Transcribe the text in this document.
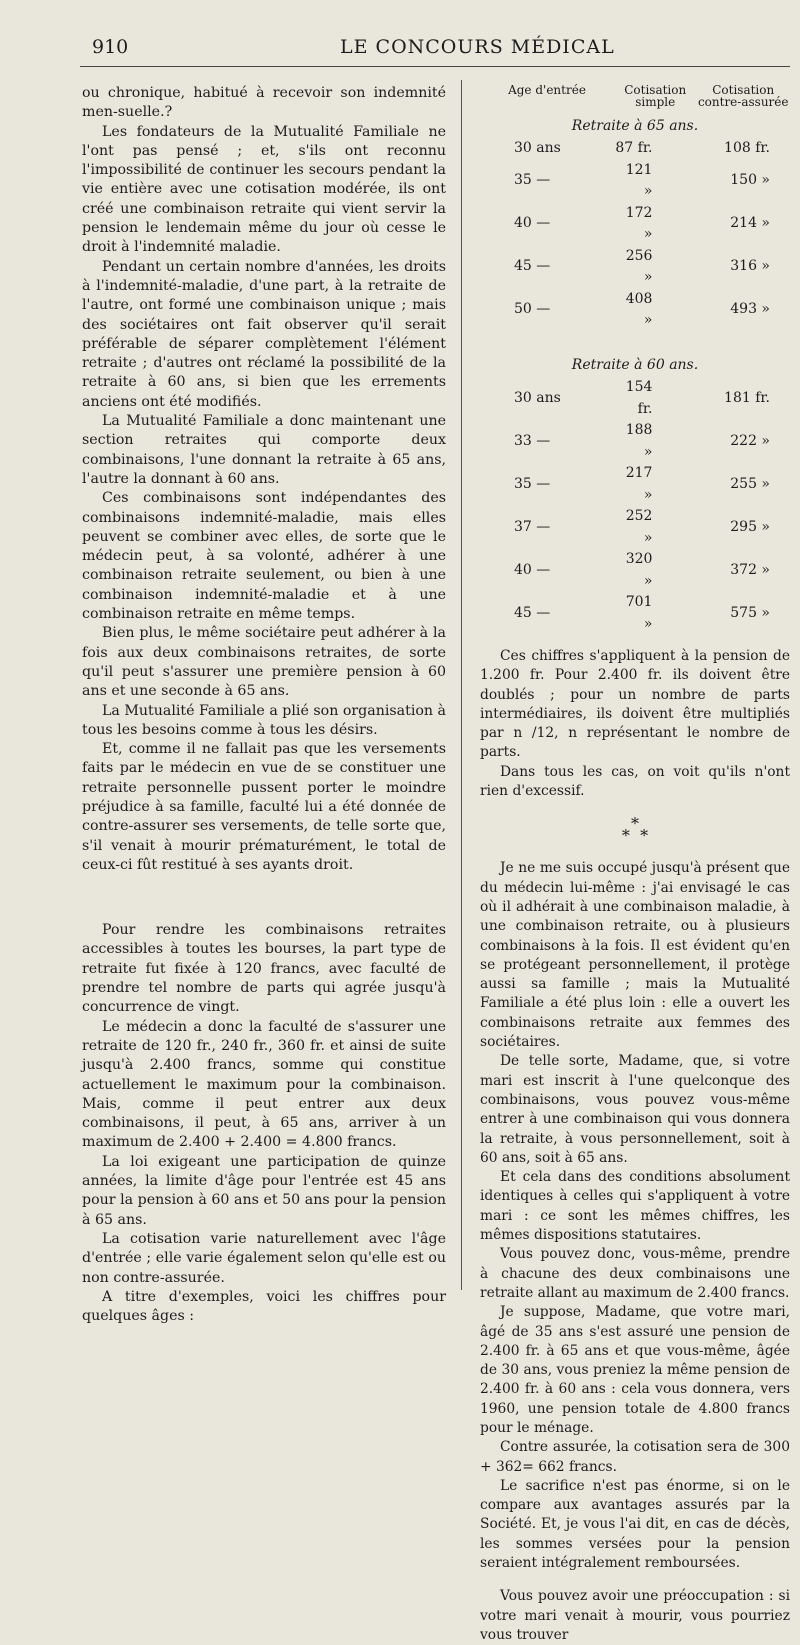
910	LE CONCOURS MÉDICAL

ou chronique, habitué à recevoir son indemnité men-suelle.?

Les fondateurs de la Mutualité Familiale ne l'ont pas pensé ; et, s'ils ont reconnu l'impossibilité de continuer les secours pendant la vie entière avec une cotisation modérée, ils ont créé une combinaison retraite qui vient servir la pension le lendemain même du jour où cesse le droit à l'indemnité maladie.

Pendant un certain nombre d'années, les droits à l'indemnité-maladie, d'une part, à la retraite de l'autre, ont formé une combinaison unique ; mais des sociétaires ont fait observer qu'il serait préférable de séparer complètement l'élément retraite ; d'autres ont réclamé la possibilité de la retraite à 60 ans, si bien que les errements anciens ont été modifiés.

La Mutualité Familiale a donc maintenant une section retraites qui comporte deux combinaisons, l'une donnant la retraite à 65 ans, l'autre la donnant à 60 ans.

Ces combinaisons sont indépendantes des combinaisons indemnité-maladie, mais elles peuvent se combiner avec elles, de sorte que le médecin peut, à sa volonté, adhérer à une combinaison retraite seulement, ou bien à une combinaison indemnité-maladie et à une combinaison retraite en même temps.

Bien plus, le même sociétaire peut adhérer à la fois aux deux combinaisons retraites, de sorte qu'il peut s'assurer une première pension à 60 ans et une seconde à 65 ans.

La Mutualité Familiale a plié son organisation à tous les besoins comme à tous les désirs.

Et, comme il ne fallait pas que les versements faits par le médecin en vue de se constituer une retraite personnelle pussent porter le moindre préjudice à sa famille, faculté lui a été donnée de contre-assurer ses versements, de telle sorte que, s'il venait à mourir prématurément, le total de ceux-ci fût restitué à ses ayants droit.

Pour rendre les combinaisons retraites accessibles à toutes les bourses, la part type de retraite fut fixée à 120 francs, avec faculté de prendre tel nombre de parts qui agrée jusqu'à concurrence de vingt.

Le médecin a donc la faculté de s'assurer une retraite de 120 fr., 240 fr., 360 fr. et ainsi de suite jusqu'à 2.400 francs, somme qui constitue actuellement le maximum pour la combinaison. Mais, comme il peut entrer aux deux combinaisons, il peut, à 65 ans, arriver à un maximum de 2.400 + 2.400 = 4.800 francs.

La loi exigeant une participation de quinze années, la limite d'âge pour l'entrée est 45 ans pour la pension à 60 ans et 50 ans pour la pension à 65 ans.

La cotisation varie naturellement avec l'âge d'entrée ; elle varie également selon qu'elle est ou non contre-assurée.

A titre d'exemples, voici les chiffres pour quelques âges :

Age d'entrée	Cotisation simple	Cotisation contre-assurée
Retraite à 65 ans.		
30 ans	87 fr.	108 fr.
35 —	121 »	150 »
40 —	172 »	214 »
45 —	256 »	316 »
50 —	408 »	493 »

Retraite à 60 ans.		
30 ans	154 fr.	181 fr.
33 —	188 »	222 »
35 —	217 »	255 »
37 —	252 »	295 »
40 —	320 »	372 »
45 —	701 »	575 »

Ces chiffres s'appliquent à la pension de 1.200 fr. Pour 2.400 fr. ils doivent être doublés ; pour un nombre de parts intermédiaires, ils doivent être multipliés par n /12, n représentant le nombre de parts.

Dans tous les cas, on voit qu'ils n'ont rien d'excessif.

*
* *

Je ne me suis occupé jusqu'à présent que du médecin lui-même : j'ai envisagé le cas où il adhérait à une combinaison maladie, à une combinaison retraite, ou à plusieurs combinaisons à la fois. Il est évident qu'en se protégeant personnellement, il protège aussi sa famille ; mais la Mutualité Familiale a été plus loin : elle a ouvert les combinaisons retraite aux femmes des sociétaires.

De telle sorte, Madame, que, si votre mari est inscrit à l'une quelconque des combinaisons, vous pouvez vous-même entrer à une combinaison qui vous donnera la retraite, à vous personnellement, soit à 60 ans, soit à 65 ans.

Et cela dans des conditions absolument identiques à celles qui s'appliquent à votre mari : ce sont les mêmes chiffres, les mêmes dispositions statutaires.

Vous pouvez donc, vous-même, prendre à chacune des deux combinaisons une retraite allant au maximum de 2.400 francs.

Je suppose, Madame, que votre mari, âgé de 35 ans s'est assuré une pension de 2.400 fr. à 65 ans et que vous-même, âgée de 30 ans, vous preniez la même pension de 2.400 fr. à 60 ans : cela vous donnera, vers 1960, une pension totale de 4.800 francs pour le ménage.

Contre assurée, la cotisation sera de 300 + 362= 662 francs.

Le sacrifice n'est pas énorme, si on le compare aux avantages assurés par la Société. Et, je vous l'ai dit, en cas de décès, les sommes versées pour la pension seraient intégralement remboursées.

Vous pouvez avoir une préoccupation : si votre mari venait à mourir, vous pourriez vous trouver
